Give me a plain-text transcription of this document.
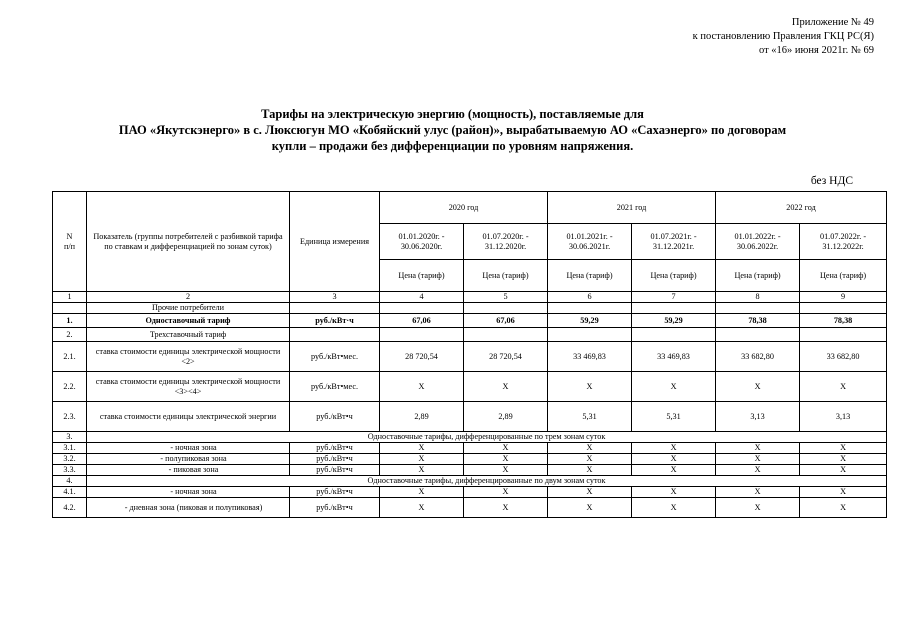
Приложение № 49
к постановлению Правления ГКЦ РС(Я)
от «16» июня 2021г. № 69
Тарифы на электрическую энергию (мощность), поставляемые для
ПАО «Якутскэнерго» в с. Люксюгун МО «Кобяйский улус (район)», вырабатываемую АО «Сахаэнерго» по договорам
купли – продажи без дифференциации по уровням напряжения.
без НДС
N
п/п	Показатель (группы потребителей с разбивкой тарифа по ставкам и дифференциацией по зонам суток)	Единица измерения	2020 год		2021 год		2022 год	
			01.01.2020г. - 30.06.2020г.	01.07.2020г. - 31.12.2020г.	01.01.2021г. - 30.06.2021г.	01.07.2021г. - 31.12.2021г.	01.01.2022г. - 30.06.2022г.	01.07.2022г. - 31.12.2022г.
			Цена (тариф)	Цена (тариф)	Цена (тариф)	Цена (тариф)	Цена (тариф)	Цена (тариф)
1	2	3	4	5	6	7	8	9
	Прочие потребители							
1.	Одноставочный тариф	руб./кВт·ч	67,06	67,06	59,29	59,29	78,38	78,38
2.	Трехставочный тариф							
2.1.	ставка стоимости единицы электрической мощности <2>	руб./кВт•мес.	28 720,54	28 720,54	33 469,83	33 469,83	33 682,80	33 682,80
2.2.	ставка стоимости единицы электрической мощности <3><4>	руб./кВт•мес.	X	X	X	X	X	X
2.3.	ставка стоимости единицы электрической энергии	руб./кВт•ч	2,89	2,89	5,31	5,31	3,13	3,13
3.	Одноставочные тарифы, дифференцированные по трем зонам суток							
3.1.	- ночная зона	руб./кВт•ч	X	X	X	X	X	X
3.2.	- полупиковая зона	руб./кВт•ч	X	X	X	X	X	X
3.3.	- пиковая зона	руб./кВт•ч	X	X	X	X	X	X
4.	Одноставочные тарифы, дифференцированные по двум зонам суток							
4.1.	- ночная зона	руб./кВт•ч	X	X	X	X	X	X
4.2.	- дневная зона (пиковая и полупиковая)	руб./кВт•ч	X	X	X	X	X	X
